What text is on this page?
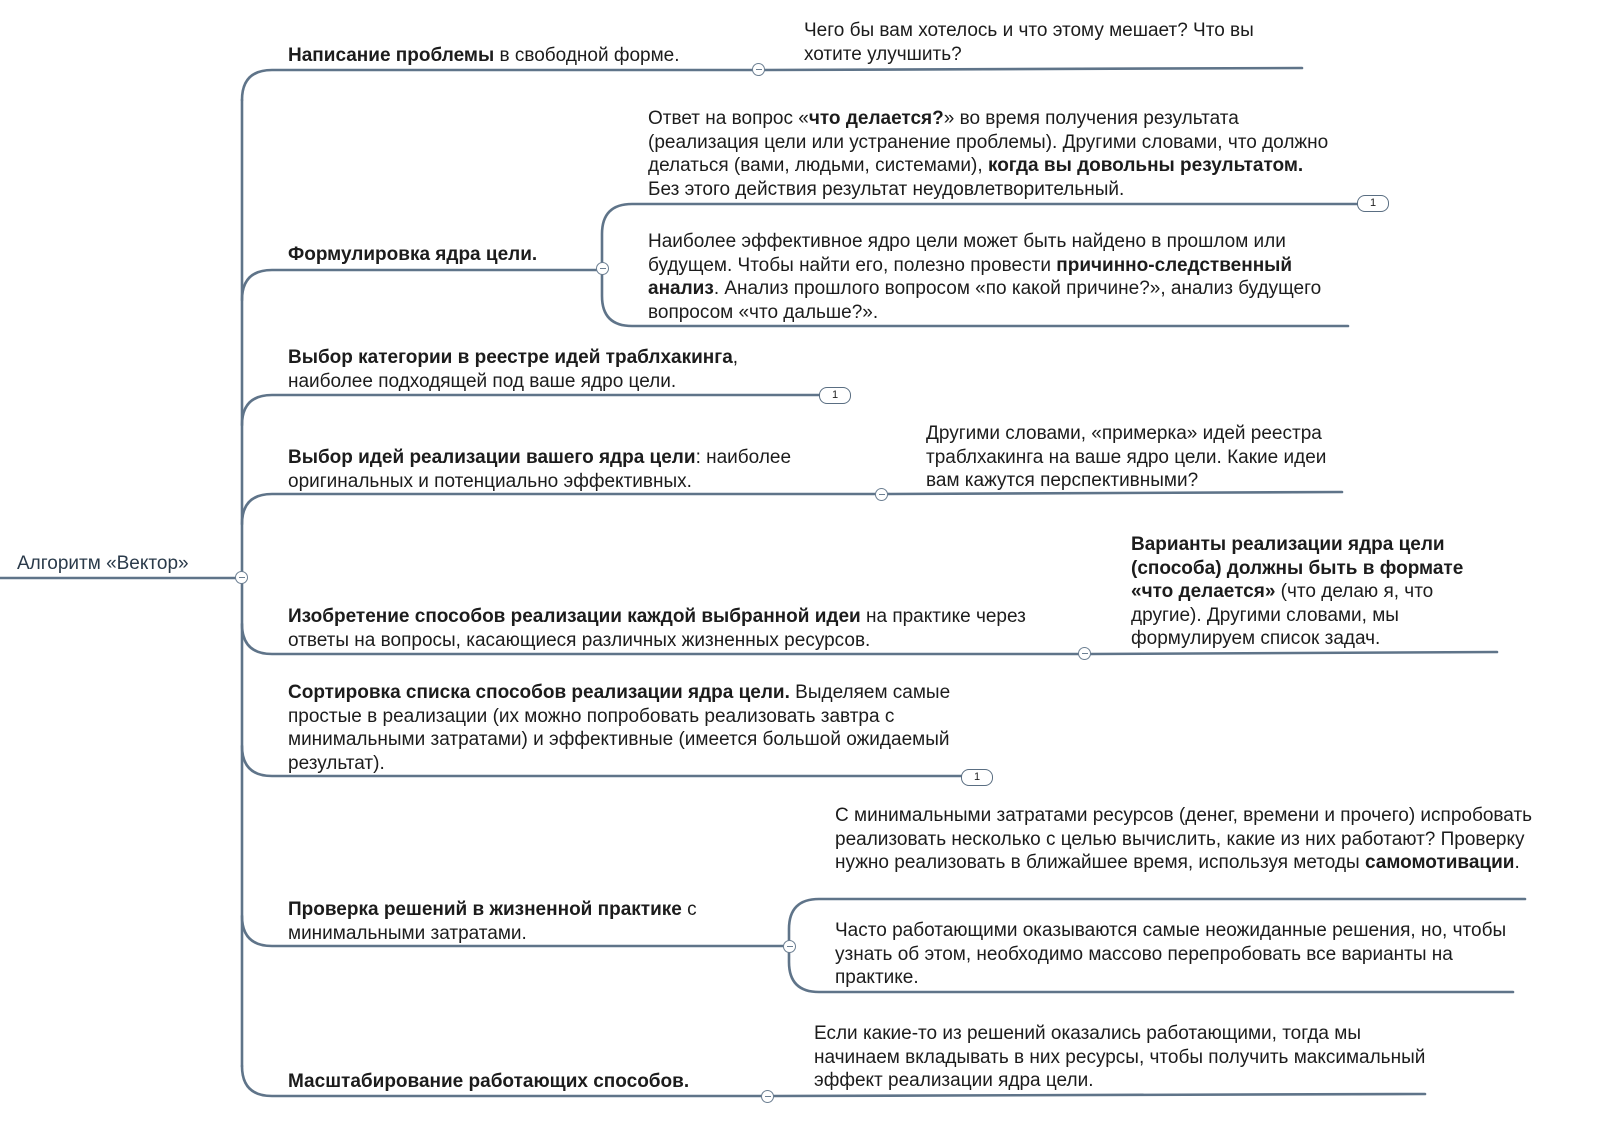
Алгоритм «Вектор»
Написание проблемы в свободной форме.
Чего бы вам хотелось и что этому мешает? Что вы хотите улучшить?
Формулировка ядра цели.
Ответ на вопрос «что делается?» во время получения результата (реализация цели или устранение проблемы). Другими словами, что должно делаться (вами, людьми, системами), когда вы довольны результатом. Без этого действия результат неудовлетворительный.
1
Наиболее эффективное ядро цели может быть найдено в прошлом или будущем. Чтобы найти его, полезно провести причинно-следственный анализ. Анализ прошлого вопросом «по какой причине?», анализ будущего вопросом «что дальше?».
Выбор категории в реестре идей траблхакинга, наиболее подходящей под ваше ядро цели.
1
Выбор идей реализации вашего ядра цели: наиболее оригинальных и потенциально эффективных.
Другими словами, «примерка» идей реестра траблхакинга на ваше ядро цели. Какие идеи вам кажутся перспективными?
Изобретение способов реализации каждой выбранной идеи на практике через ответы на вопросы, касающиеся различных жизненных ресурсов.
Варианты реализации ядра цели (способа) должны быть в формате «что делается» (что делаю я, что другие). Другими словами, мы формулируем список задач.
Сортировка списка способов реализации ядра цели. Выделяем самые простые в реализации (их можно попробовать реализовать завтра с минимальными затратами) и эффективные (имеется большой ожидаемый результат).
1
Проверка решений в жизненной практике с минимальными затратами.
С минимальными затратами ресурсов (денег, времени и прочего) испробовать реализовать несколько с целью вычислить, какие из них работают? Проверку нужно реализовать в ближайшее время, используя методы самомотивации.
Часто работающими оказываются самые неожиданные решения, но, чтобы узнать об этом, необходимо массово перепробовать все варианты на практике.
Масштабирование работающих способов.
Если какие-то из решений оказались работающими, тогда мы начинаем вкладывать в них ресурсы, чтобы получить максимальный эффект реализации ядра цели.
